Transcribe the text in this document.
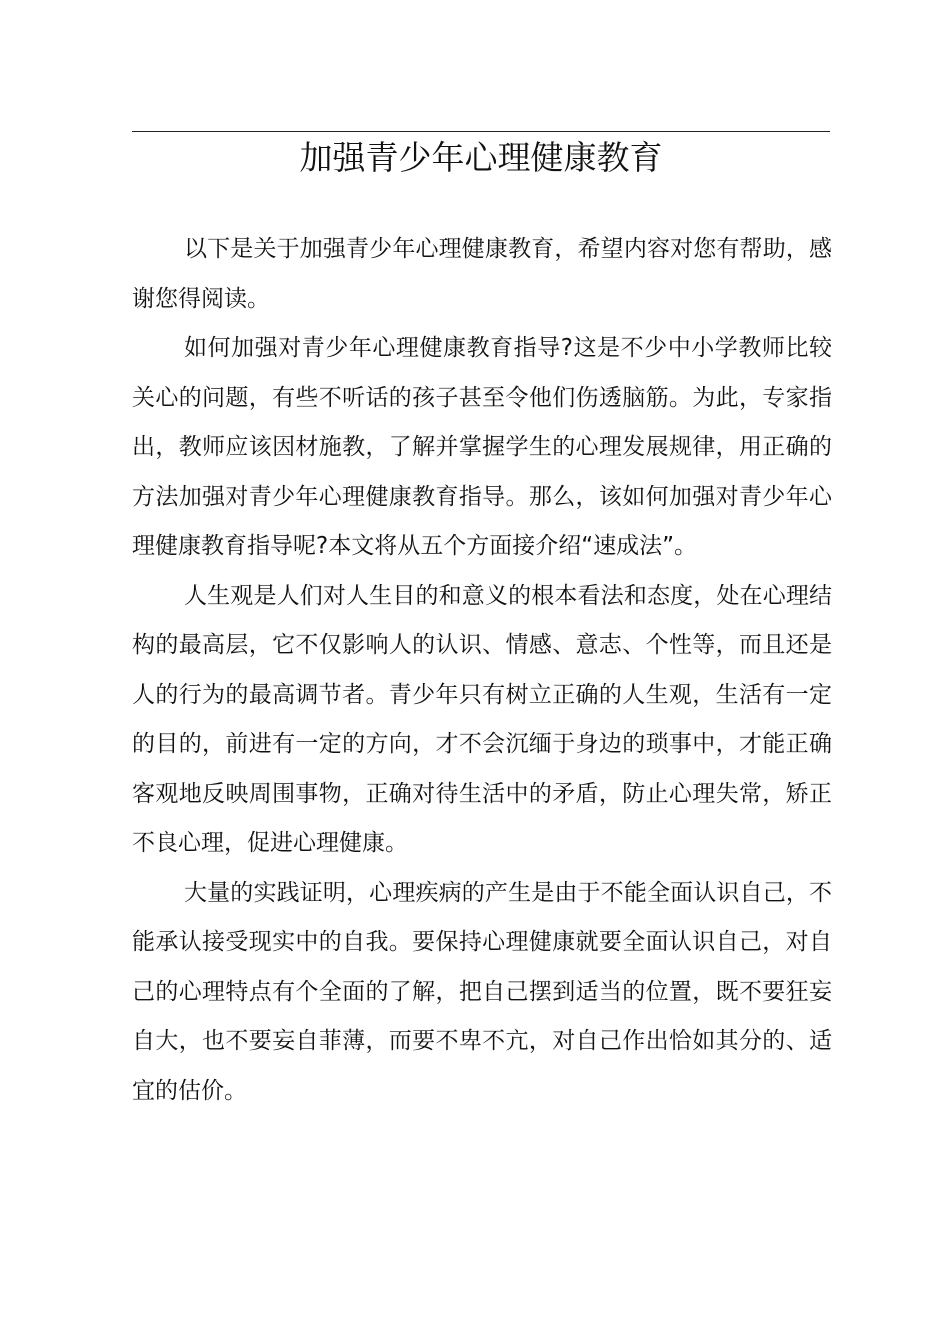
加强青少年心理健康教育

以下是关于加强青少年心理健康教育，希望内容对您有帮助，感谢您得阅读。

如何加强对青少年心理健康教育指导?这是不少中小学教师比较关心的问题，有些不听话的孩子甚至令他们伤透脑筋。为此，专家指出，教师应该因材施教，了解并掌握学生的心理发展规律，用正确的方法加强对青少年心理健康教育指导。那么，该如何加强对青少年心理健康教育指导呢?本文将从五个方面接介绍“速成法”。

人生观是人们对人生目的和意义的根本看法和态度，处在心理结构的最高层，它不仅影响人的认识、情感、意志、个性等，而且还是人的行为的最高调节者。青少年只有树立正确的人生观，生活有一定的目的，前进有一定的方向，才不会沉缅于身边的琐事中，才能正确客观地反映周围事物，正确对待生活中的矛盾，防止心理失常，矫正不良心理，促进心理健康。

大量的实践证明，心理疾病的产生是由于不能全面认识自己，不能承认接受现实中的自我。要保持心理健康就要全面认识自己，对自己的心理特点有个全面的了解，把自己摆到适当的位置，既不要狂妄自大，也不要妄自菲薄，而要不卑不亢，对自己作出恰如其分的、适宜的估价。
